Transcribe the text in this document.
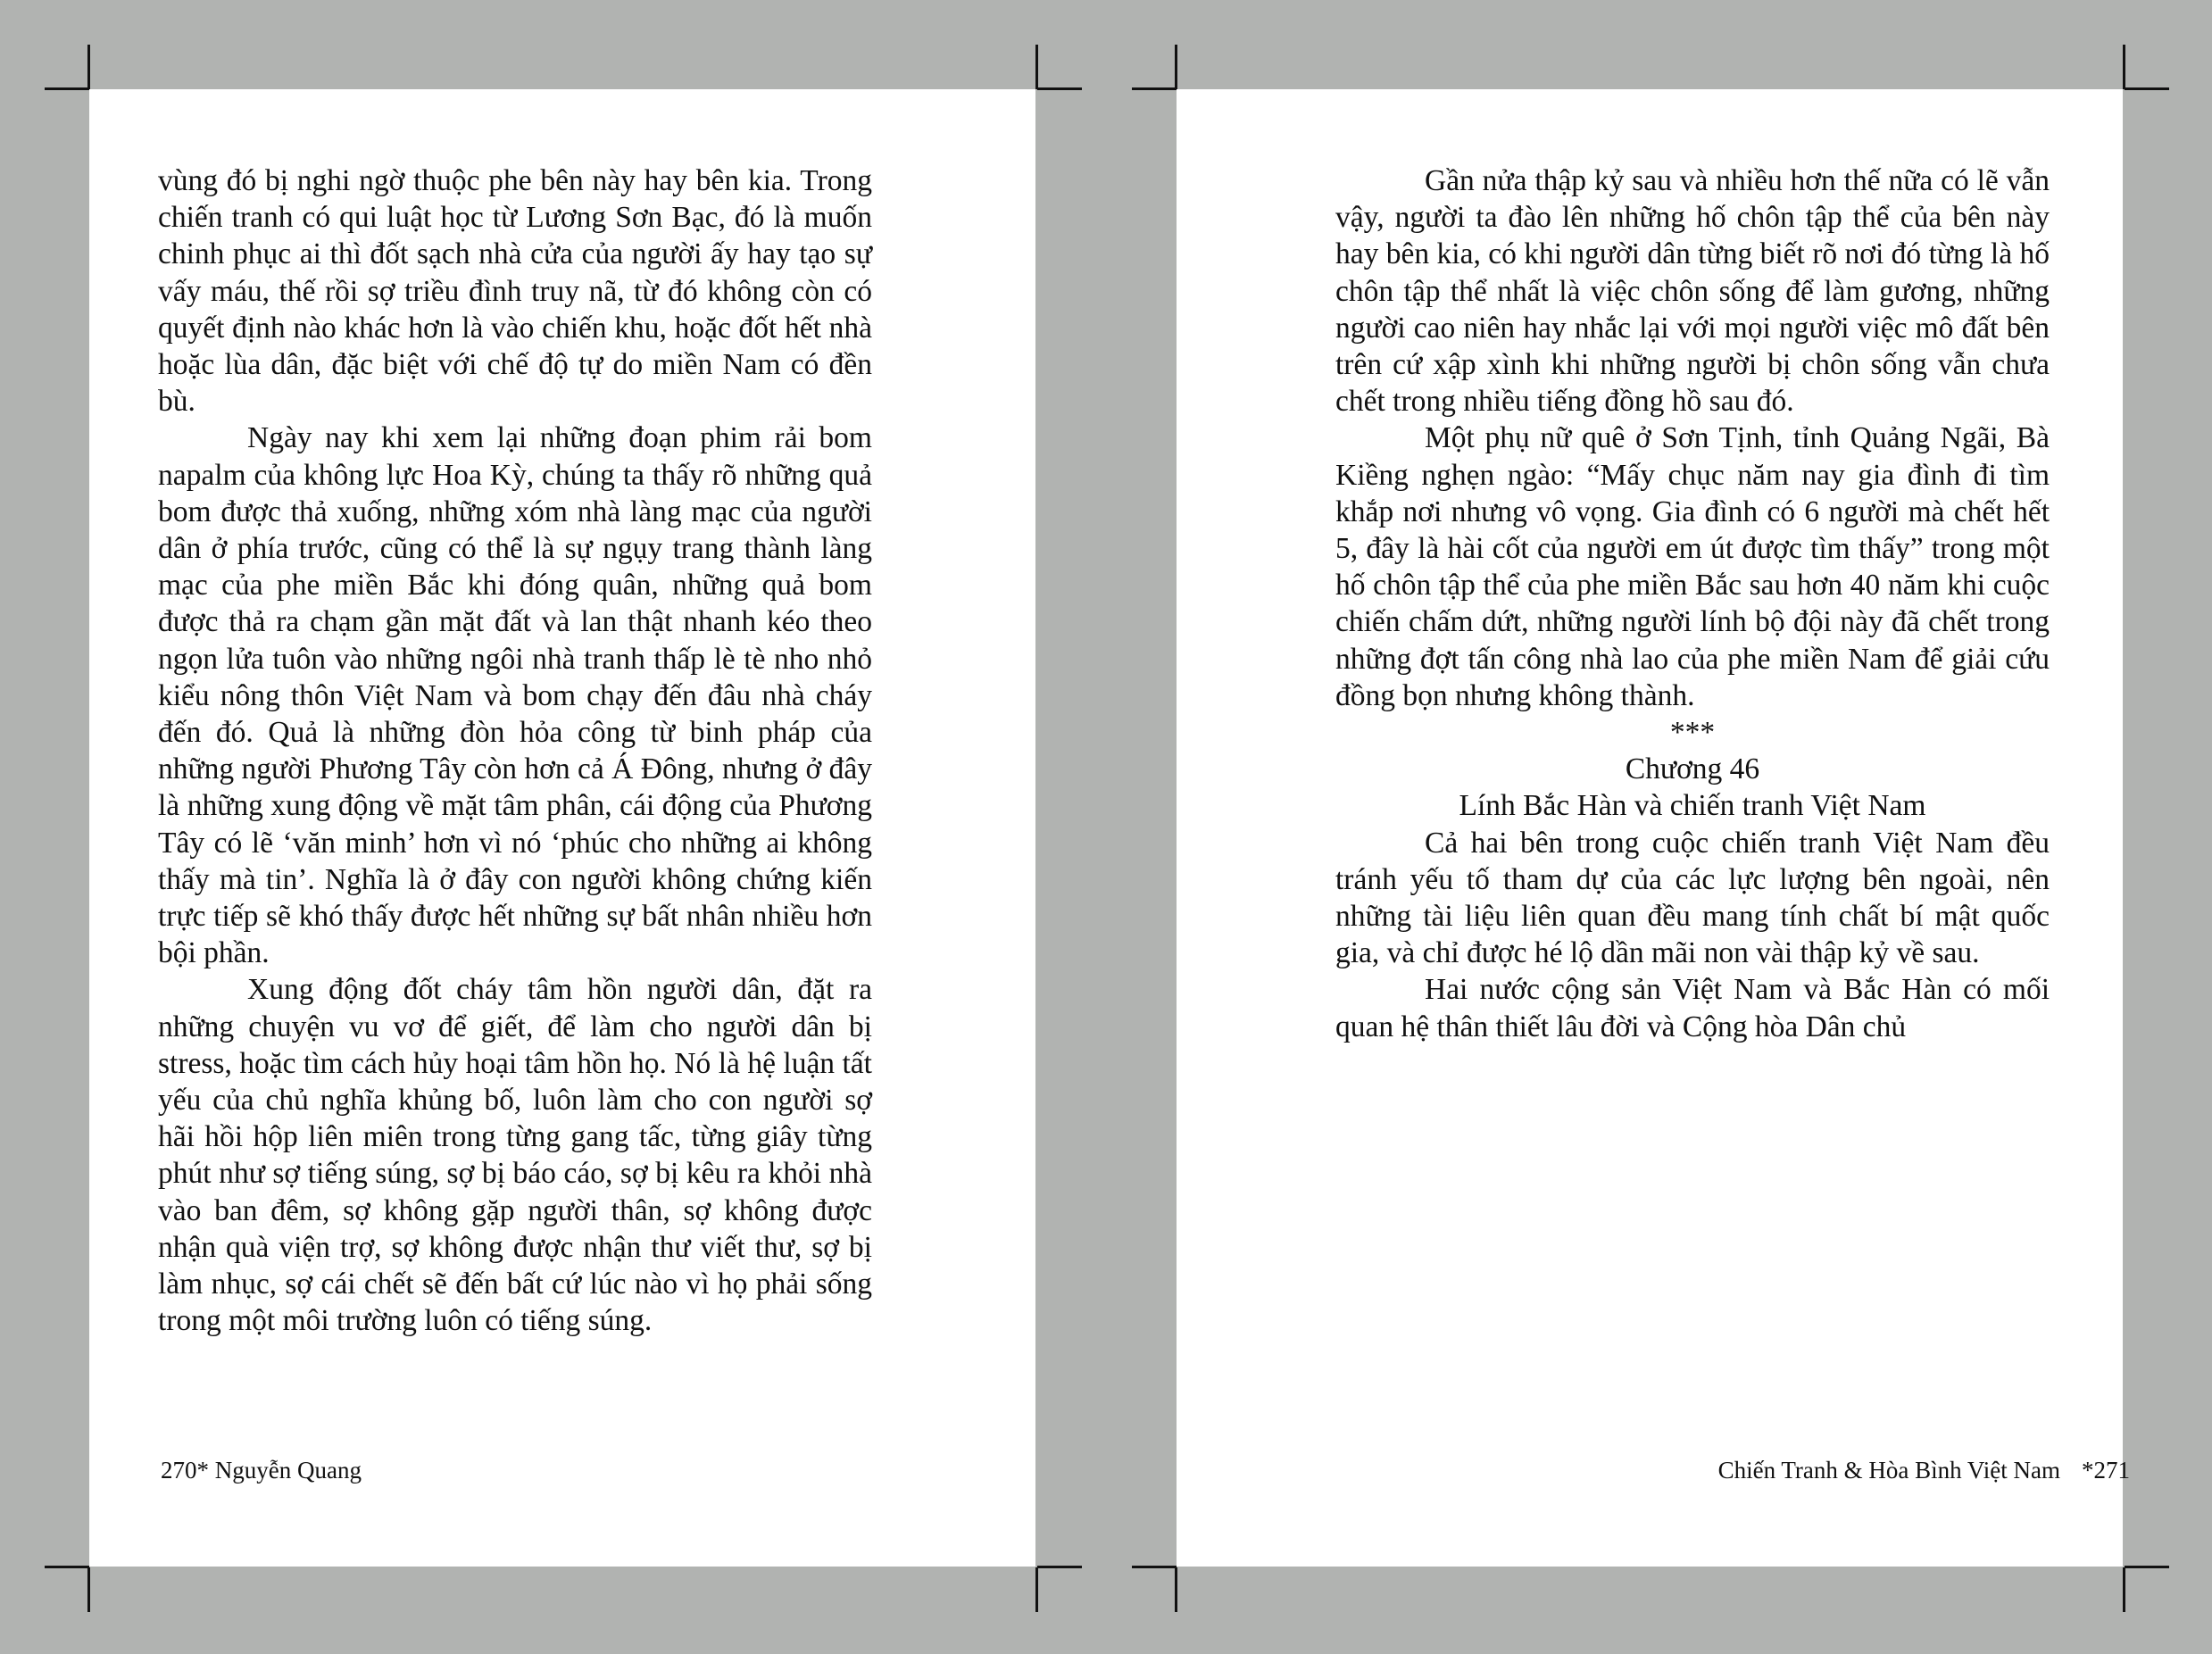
vùng đó bị nghi ngờ thuộc phe bên này hay bên kia. Trong chiến tranh có qui luật học từ Lương Sơn Bạc, đó là muốn chinh phục ai thì đốt sạch nhà cửa của người ấy hay tạo sự vấy máu, thế rồi sợ triều đình truy nã, từ đó không còn có quyết định nào khác hơn là vào chiến khu, hoặc đốt hết nhà hoặc lùa dân, đặc biệt với chế độ tự do miền Nam có đền bù.

Ngày nay khi xem lại những đoạn phim rải bom napalm của không lực Hoa Kỳ, chúng ta thấy rõ những quả bom được thả xuống, những xóm nhà làng mạc của người dân ở phía trước, cũng có thể là sự ngụy trang thành làng mạc của phe miền Bắc khi đóng quân, những quả bom được thả ra chạm gần mặt đất và lan thật nhanh kéo theo ngọn lửa tuôn vào những ngôi nhà tranh thấp lè tè nho nhỏ kiểu nông thôn Việt Nam và bom chạy đến đâu nhà cháy đến đó. Quả là những đòn hỏa công từ binh pháp của những người Phương Tây còn hơn cả Á Đông, nhưng ở đây là những xung động về mặt tâm phân, cái động của Phương Tây có lẽ ‘văn minh’ hơn vì nó ‘phúc cho những ai không thấy mà tin’. Nghĩa là ở đây con người không chứng kiến trực tiếp sẽ khó thấy được hết những sự bất nhân nhiều hơn bội phần.

Xung động đốt cháy tâm hồn người dân, đặt ra những chuyện vu vơ để giết, để làm cho người dân bị stress, hoặc tìm cách hủy hoại tâm hồn họ. Nó là hệ luận tất yếu của chủ nghĩa khủng bố, luôn làm cho con người sợ hãi hồi hộp liên miên trong từng gang tấc, từng giây từng phút như sợ tiếng súng, sợ bị báo cáo, sợ bị kêu ra khỏi nhà vào ban đêm, sợ không gặp người thân, sợ không được nhận quà viện trợ, sợ không được nhận thư viết thư, sợ bị làm nhục, sợ cái chết sẽ đến bất cứ lúc nào vì họ phải sống trong một môi trường luôn có tiếng súng.

270* Nguyễn Quang

Gần nửa thập kỷ sau và nhiều hơn thế nữa có lẽ vẫn vậy, người ta đào lên những hố chôn tập thể của bên này hay bên kia, có khi người dân từng biết rõ nơi đó từng là hố chôn tập thể nhất là việc chôn sống để làm gương, những người cao niên hay nhắc lại với mọi người việc mô đất bên trên cứ xập xình khi những người bị chôn sống vẫn chưa chết trong nhiều tiếng đồng hồ sau đó.

Một phụ nữ quê ở Sơn Tịnh, tỉnh Quảng Ngãi, Bà Kiềng nghẹn ngào: “Mấy chục năm nay gia đình đi tìm khắp nơi nhưng vô vọng. Gia đình có 6 người mà chết hết 5, đây là hài cốt của người em út được tìm thấy” trong một hố chôn tập thể của phe miền Bắc sau hơn 40 năm khi cuộc chiến chấm dứt, những người lính bộ đội này đã chết trong những đợt tấn công nhà lao của phe miền Nam để giải cứu đồng bọn nhưng không thành.

***

Chương 46

Lính Bắc Hàn và chiến tranh Việt Nam

Cả hai bên trong cuộc chiến tranh Việt Nam đều tránh yếu tố tham dự của các lực lượng bên ngoài, nên những tài liệu liên quan đều mang tính chất bí mật quốc gia, và chỉ được hé lộ dần mãi non vài thập kỷ về sau.

Hai nước cộng sản Việt Nam và Bắc Hàn có mối quan hệ thân thiết lâu đời và Cộng hòa Dân chủ

Chiến Tranh & Hòa Bình Việt Nam *271
